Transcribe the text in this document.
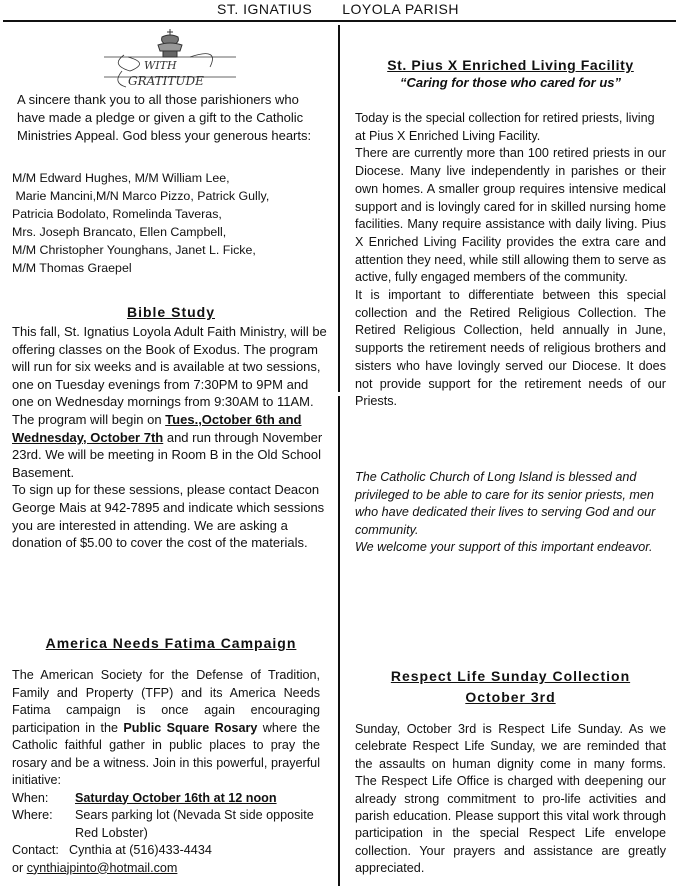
ST. IGNATIUS LOYOLA PARISH
WITH
GRATITUDE
A sincere thank you to all those parishioners who have made a pledge or given a gift to the Catholic Ministries Appeal. God bless your generous hearts:
M/M Edward Hughes, M/M William Lee,
Marie Mancini,M/N Marco Pizzo, Patrick Gully,
Patricia Bodolato, Romelinda Taveras,
Mrs. Joseph Brancato, Ellen Campbell,
M/M Christopher Younghans, Janet L. Ficke,
M/M Thomas Graepel
Bible Study

This fall, St. Ignatius Loyola Adult Faith Ministry, will be offering classes on the Book of Exodus. The program will run for six weeks and is available at two sessions, one on Tuesday evenings from 7:30PM to 9PM and one on Wednesday mornings from 9:30AM to 11AM. The program will begin on Tues.,October 6th and Wednesday, October 7th and run through November 23rd. We will be meeting in Room B in the Old School Basement.

To sign up for these sessions, please contact Deacon George Mais at 942-7895 and indicate which sessions you are interested in attending. We are asking a donation of $5.00 to cover the cost of the materials.

America Needs Fatima Campaign

The American Society for the Defense of Tradition, Family and Property (TFP) and its America Needs Fatima campaign is once again encouraging participation in the Public Square Rosary where the Catholic faithful gather in public places to pray the rosary and be a witness. Join in this powerful, prayerful initiative:

When:	Saturday October 16th at 12 noon
Where:	Sears parking lot (Nevada St side opposite Red Lobster)
Contact: Cynthia at (516)433-4434
or cynthiajpinto@hotmail.com
St. Pius X Enriched Living Facility
“Caring for those who cared for us”

Today is the special collection for retired priests, living at Pius X Enriched Living Facility.

There are currently more than 100 retired priests in our Diocese. Many live independently in parishes or their own homes. A smaller group requires intensive medical support and is lovingly cared for in skilled nursing home facilities. Many require assistance with daily living. Pius X Enriched Living Facility provides the extra care and attention they need, while still allowing them to serve as active, fully engaged members of the community.

It is important to differentiate between this special collection and the Retired Religious Collection. The Retired Religious Collection, held annually in June, supports the retirement needs of religious brothers and sisters who have lovingly served our Diocese. It does not provide support for the retirement needs of our Priests.

The Catholic Church of Long Island is blessed and privileged to be able to care for its senior priests, men who have dedicated their lives to serving God and our community.

We welcome your support of this important endeavor.

Respect Life Sunday Collection
October 3rd
Sunday, October 3rd is Respect Life Sunday. As we celebrate Respect Life Sunday, we are reminded that the assaults on human dignity come in many forms. The Respect Life Office is charged with deepening our already strong commitment to pro-life activities and parish education. Please support this vital work through participation in the special Respect Life envelope collection. Your prayers and assistance are greatly appreciated.
